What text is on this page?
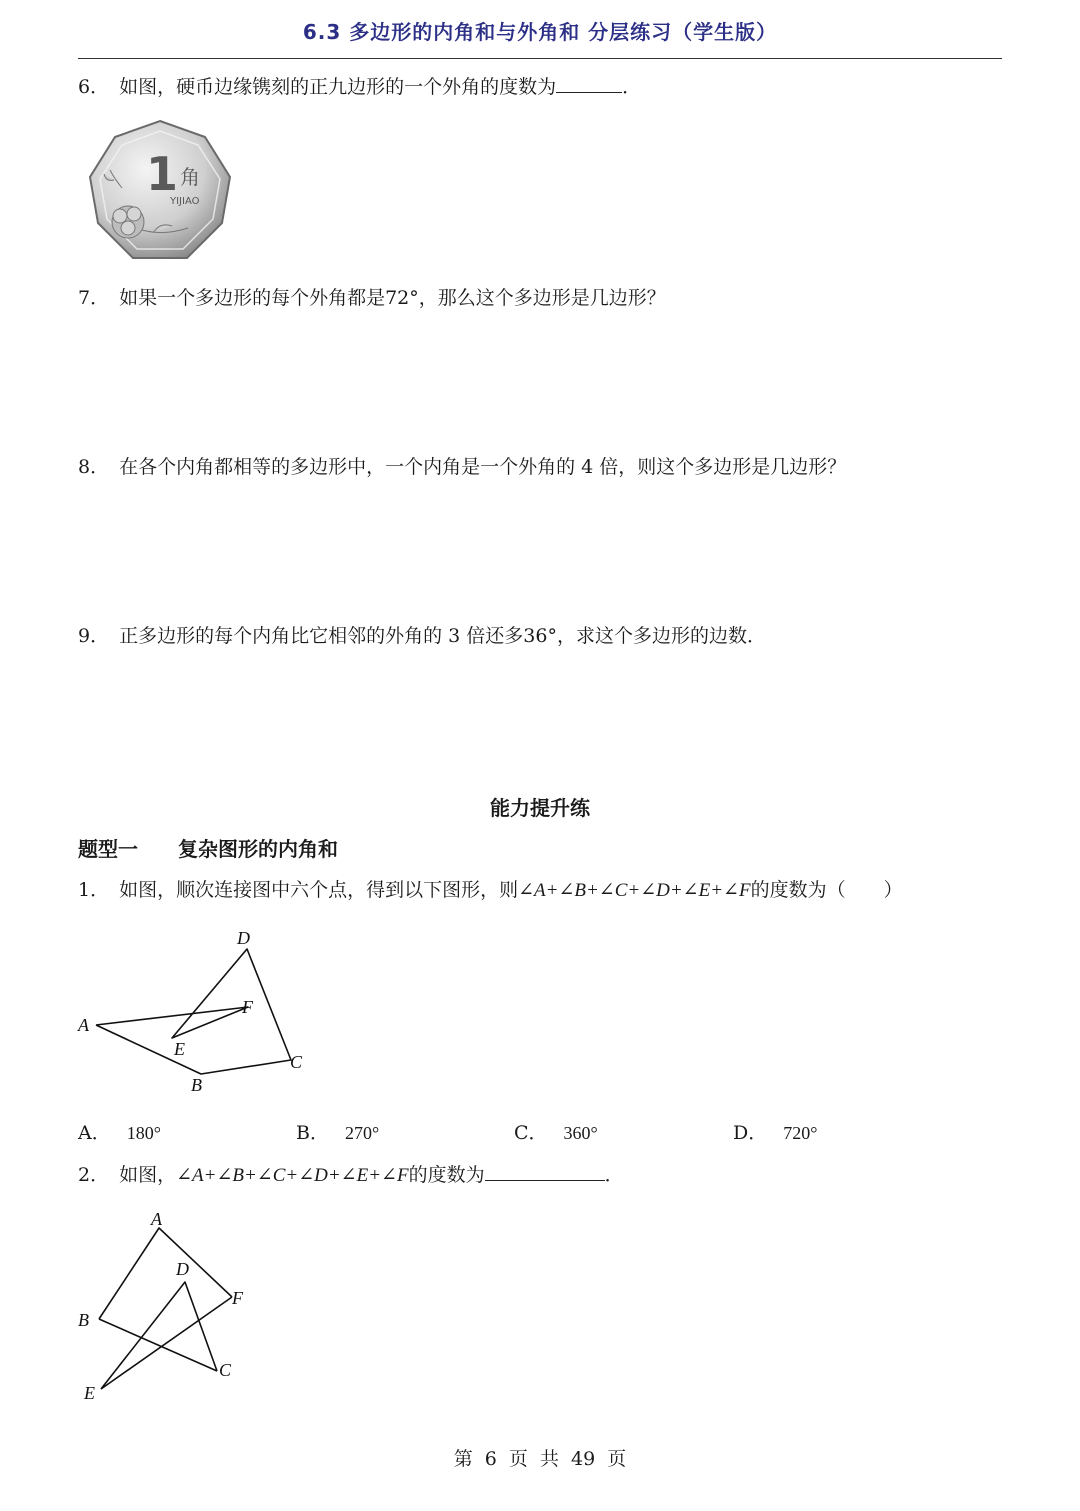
6.3 多边形的内角和与外角和 分层练习（学生版）
6． 如图，硬币边缘镌刻的正九边形的一个外角的度数为	．
1 角
YIJIAO
7． 如果一个多边形的每个外角都是72°，那么这个多边形是几边形？
8． 在各个内角都相等的多边形中，一个内角是一个外角的 4 倍，则这个多边形是几边形？
9． 正多边形的每个内角比它相邻的外角的 3 倍还多36°，求这个多边形的边数．
能力提升练
题型一 复杂图形的内角和
1． 如图，顺次连接图中六个点，得到以下图形，则∠A+∠B+∠C+∠D+∠E+∠F的度数为（　　）
A
B
C
D
E
F
A． 180°	B． 270°	C． 360°	D． 720°
2． 如图，∠A+∠B+∠C+∠D+∠E+∠F的度数为	．
A
B
C
D
E
F
第 6 页 共 49 页
